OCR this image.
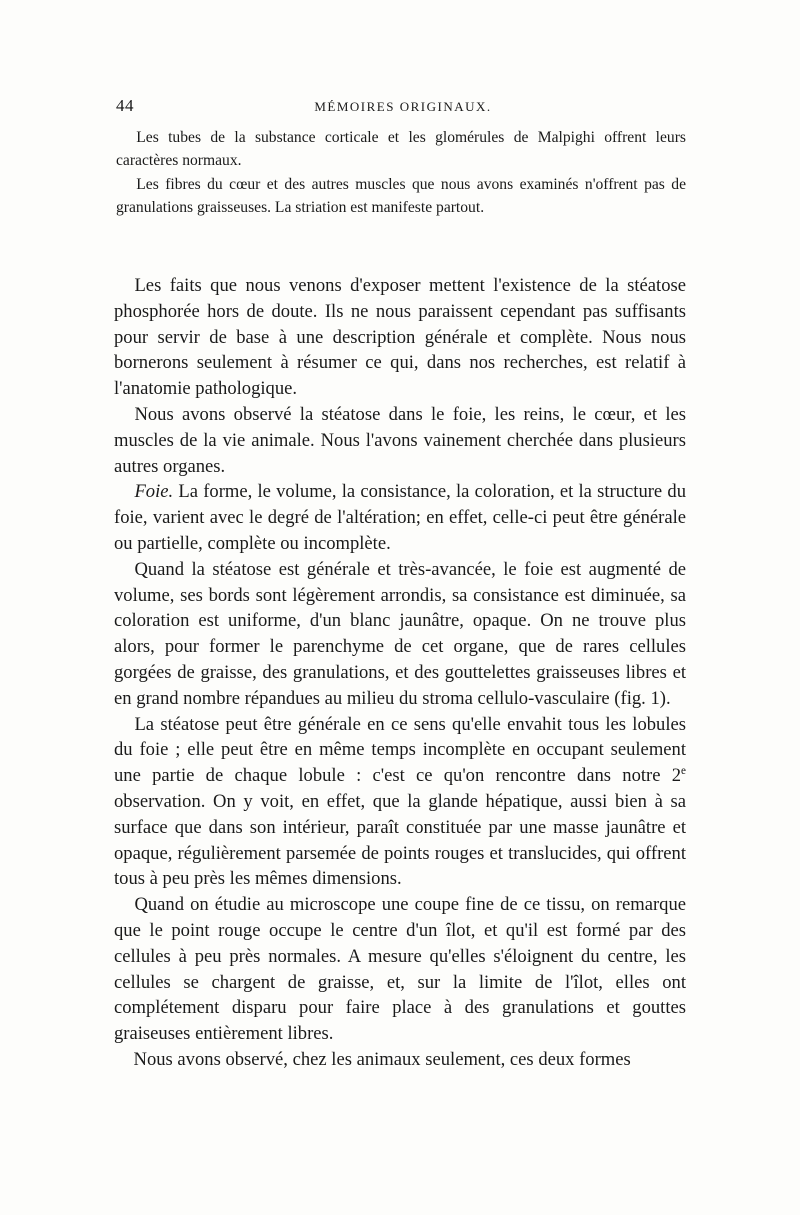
44	MÉMOIRES ORIGINAUX.

Les tubes de la substance corticale et les glomérules de Malpighi offrent leurs caractères normaux.

Les fibres du cœur et des autres muscles que nous avons examinés n'offrent pas de granulations graisseuses. La striation est manifeste partout.

Les faits que nous venons d'exposer mettent l'existence de la stéatose phosphorée hors de doute. Ils ne nous paraissent cependant pas suffisants pour servir de base à une description générale et complète. Nous nous bornerons seulement à résumer ce qui, dans nos recherches, est relatif à l'anatomie pathologique.

Nous avons observé la stéatose dans le foie, les reins, le cœur, et les muscles de la vie animale. Nous l'avons vainement cherchée dans plusieurs autres organes.

Foie. La forme, le volume, la consistance, la coloration, et la structure du foie, varient avec le degré de l'altération; en effet, celle-ci peut être générale ou partielle, complète ou incomplète.

Quand la stéatose est générale et très-avancée, le foie est augmenté de volume, ses bords sont légèrement arrondis, sa consistance est diminuée, sa coloration est uniforme, d'un blanc jaunâtre, opaque. On ne trouve plus alors, pour former le parenchyme de cet organe, que de rares cellules gorgées de graisse, des granulations, et des gouttelettes graisseuses libres et en grand nombre répandues au milieu du stroma cellulo-vasculaire (fig. 1).

La stéatose peut être générale en ce sens qu'elle envahit tous les lobules du foie ; elle peut être en même temps incomplète en occupant seulement une partie de chaque lobule : c'est ce qu'on rencontre dans notre 2e observation. On y voit, en effet, que la glande hépatique, aussi bien à sa surface que dans son intérieur, paraît constituée par une masse jaunâtre et opaque, régulièrement parsemée de points rouges et translucides, qui offrent tous à peu près les mêmes dimensions.

Quand on étudie au microscope une coupe fine de ce tissu, on remarque que le point rouge occupe le centre d'un îlot, et qu'il est formé par des cellules à peu près normales. A mesure qu'elles s'éloignent du centre, les cellules se chargent de graisse, et, sur la limite de l'îlot, elles ont complétement disparu pour faire place à des granulations et gouttes graiseuses entièrement libres.

Nous avons observé, chez les animaux seulement, ces deux formes
